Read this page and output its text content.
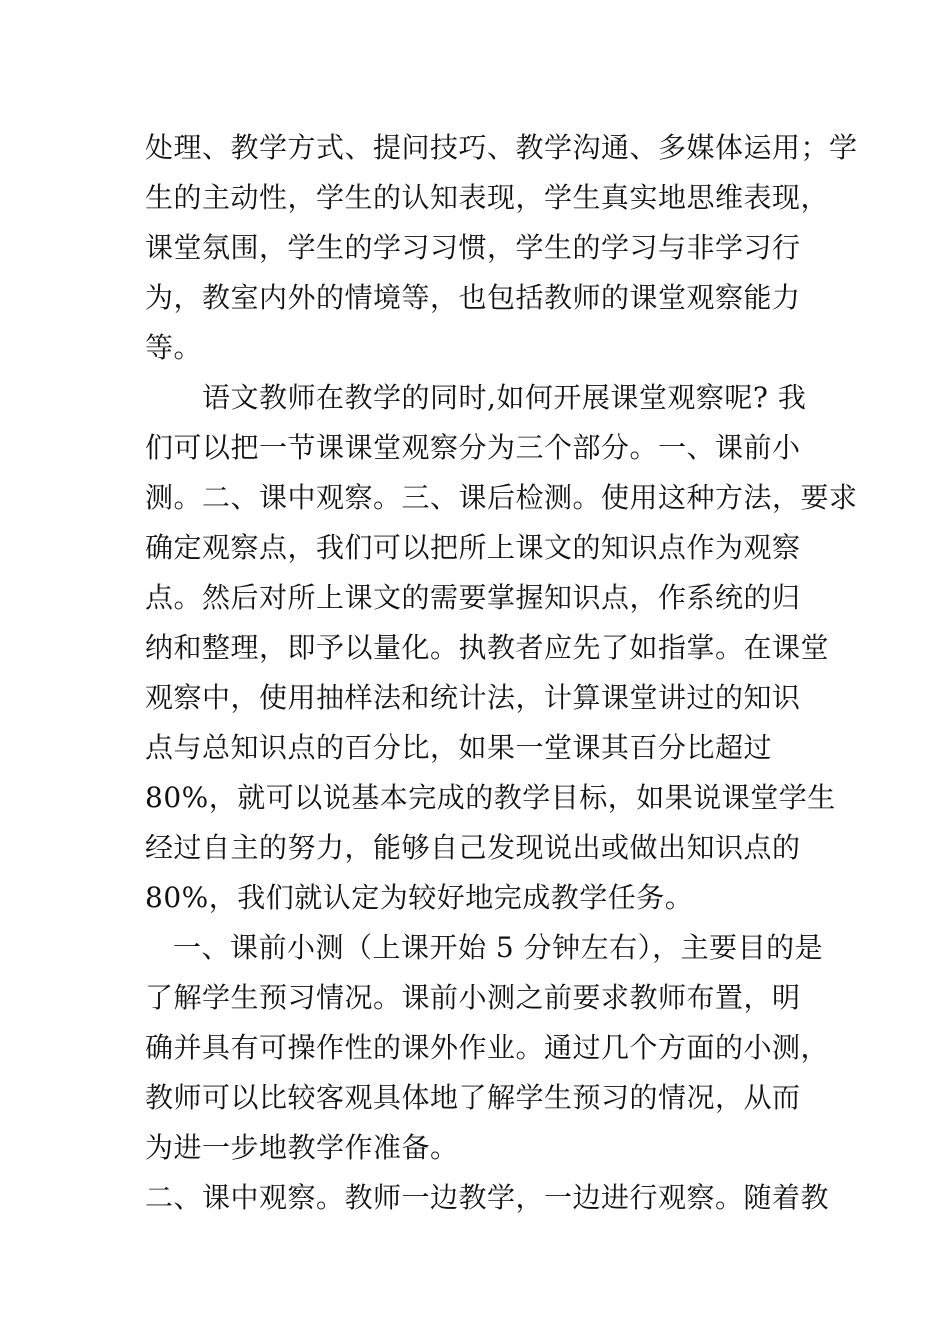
处理、教学方式、提问技巧、教学沟通、多媒体运用；学
生的主动性，学生的认知表现，学生真实地思维表现，
课堂氛围，学生的学习习惯，学生的学习与非学习行
为，教室内外的情境等，也包括教师的课堂观察能力
等。
语文教师在教学的同时,如何开展课堂观察呢? 我
们可以把一节课课堂观察分为三个部分。一、课前小
测。二、课中观察。三、课后检测。使用这种方法，要求
确定观察点，我们可以把所上课文的知识点作为观察
点。然后对所上课文的需要掌握知识点，作系统的归
纳和整理，即予以量化。执教者应先了如指掌。在课堂
观察中，使用抽样法和统计法，计算课堂讲过的知识
点与总知识点的百分比，如果一堂课其百分比超过
80%，就可以说基本完成的教学目标，如果说课堂学生
经过自主的努力，能够自己发现说出或做出知识点的
80%，我们就认定为较好地完成教学任务。
一、课前小测（上课开始 5 分钟左右），主要目的是
了解学生预习情况。课前小测之前要求教师布置，明
确并具有可操作性的课外作业。通过几个方面的小测，
教师可以比较客观具体地了解学生预习的情况，从而
为进一步地教学作准备。
二、课中观察。教师一边教学，一边进行观察。随着教
